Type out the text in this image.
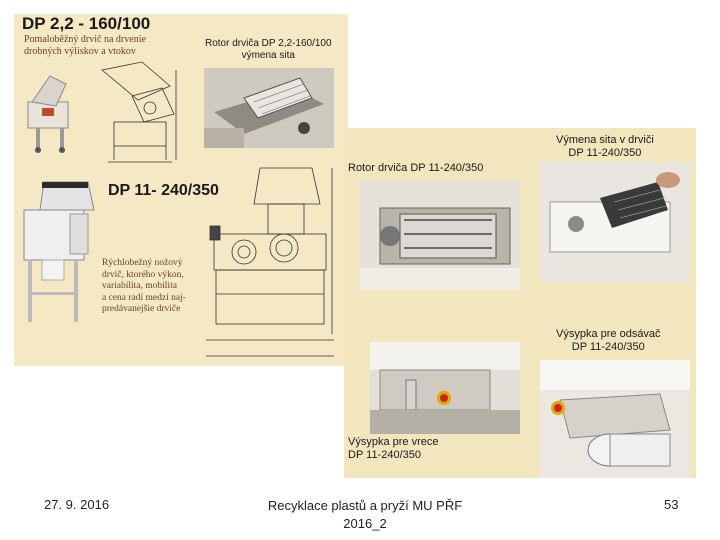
DP 2,2 - 160/100
Pomaloběžný drvič na drvenie
drobných výliskov a vtokov
Rotor drviča DP 2,2-160/100
výmena sita
DP 11- 240/350
Rýchlobežný nožový
drvič, ktorého výkon,
variabilita, mobilita
a cena radí medzi naj-
predávanejšie drviče
Rotor drviča DP 11-240/350
Výmena sita v drviči
DP 11-240/350
Výsypka pre odsávač
DP 11-240/350
Výsypka pre vrece
DP 11-240/350
27. 9. 2016	Recyklace plastů a pryží MU PŘF
2016_2
53
